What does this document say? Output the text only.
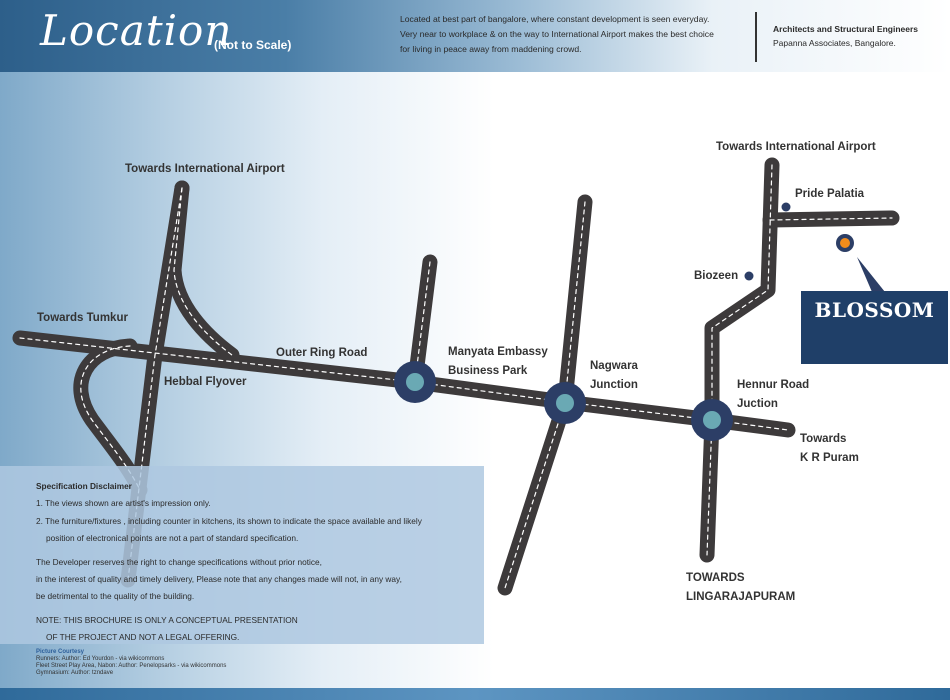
Location
(Not to Scale)
Located at best part of bangalore, where constant development is seen everyday.
Very near to workplace & on the way to International Airport makes the best choice
for living in peace away from maddening crowd.
Architects and Structural Engineers
Papanna Associates, Bangalore.
Towards International Airport
Towards Tumkur
Hebbal Flyover
Outer Ring Road	Manyata Embassy
Business Park	Nagwara
Junction	Hennur Road
Juction
Towards
K R Puram
TOWARDS
LINGARAJAPURAM
Towards International Airport
Pride Palatia
Biozeen
BLOSSOM
Specification Disclaimer
1. The views shown are artist's impression only.
2. The furniture/fixtures , including counter in kitchens, its shown to indicate the space available and likely
position of electronical points are not a part of standard specification.
The Developer reserves the right to change specifications without prior notice,
in the interest of quality and timely delivery, Please note that any changes made will not, in any way,
be detrimental to the quality of the building.
NOTE: THIS BROCHURE IS ONLY A CONCEPTUAL PRESENTATION
OF THE PROJECT AND NOT A LEGAL OFFERING.
Picture Courtesy
Runners: Author: Ed Yourdon - via wikicommons
Fleet Street Play Area, Nabon: Author: Penelopsarks - via wikicommons
Gymnasium: Author: tzndave
